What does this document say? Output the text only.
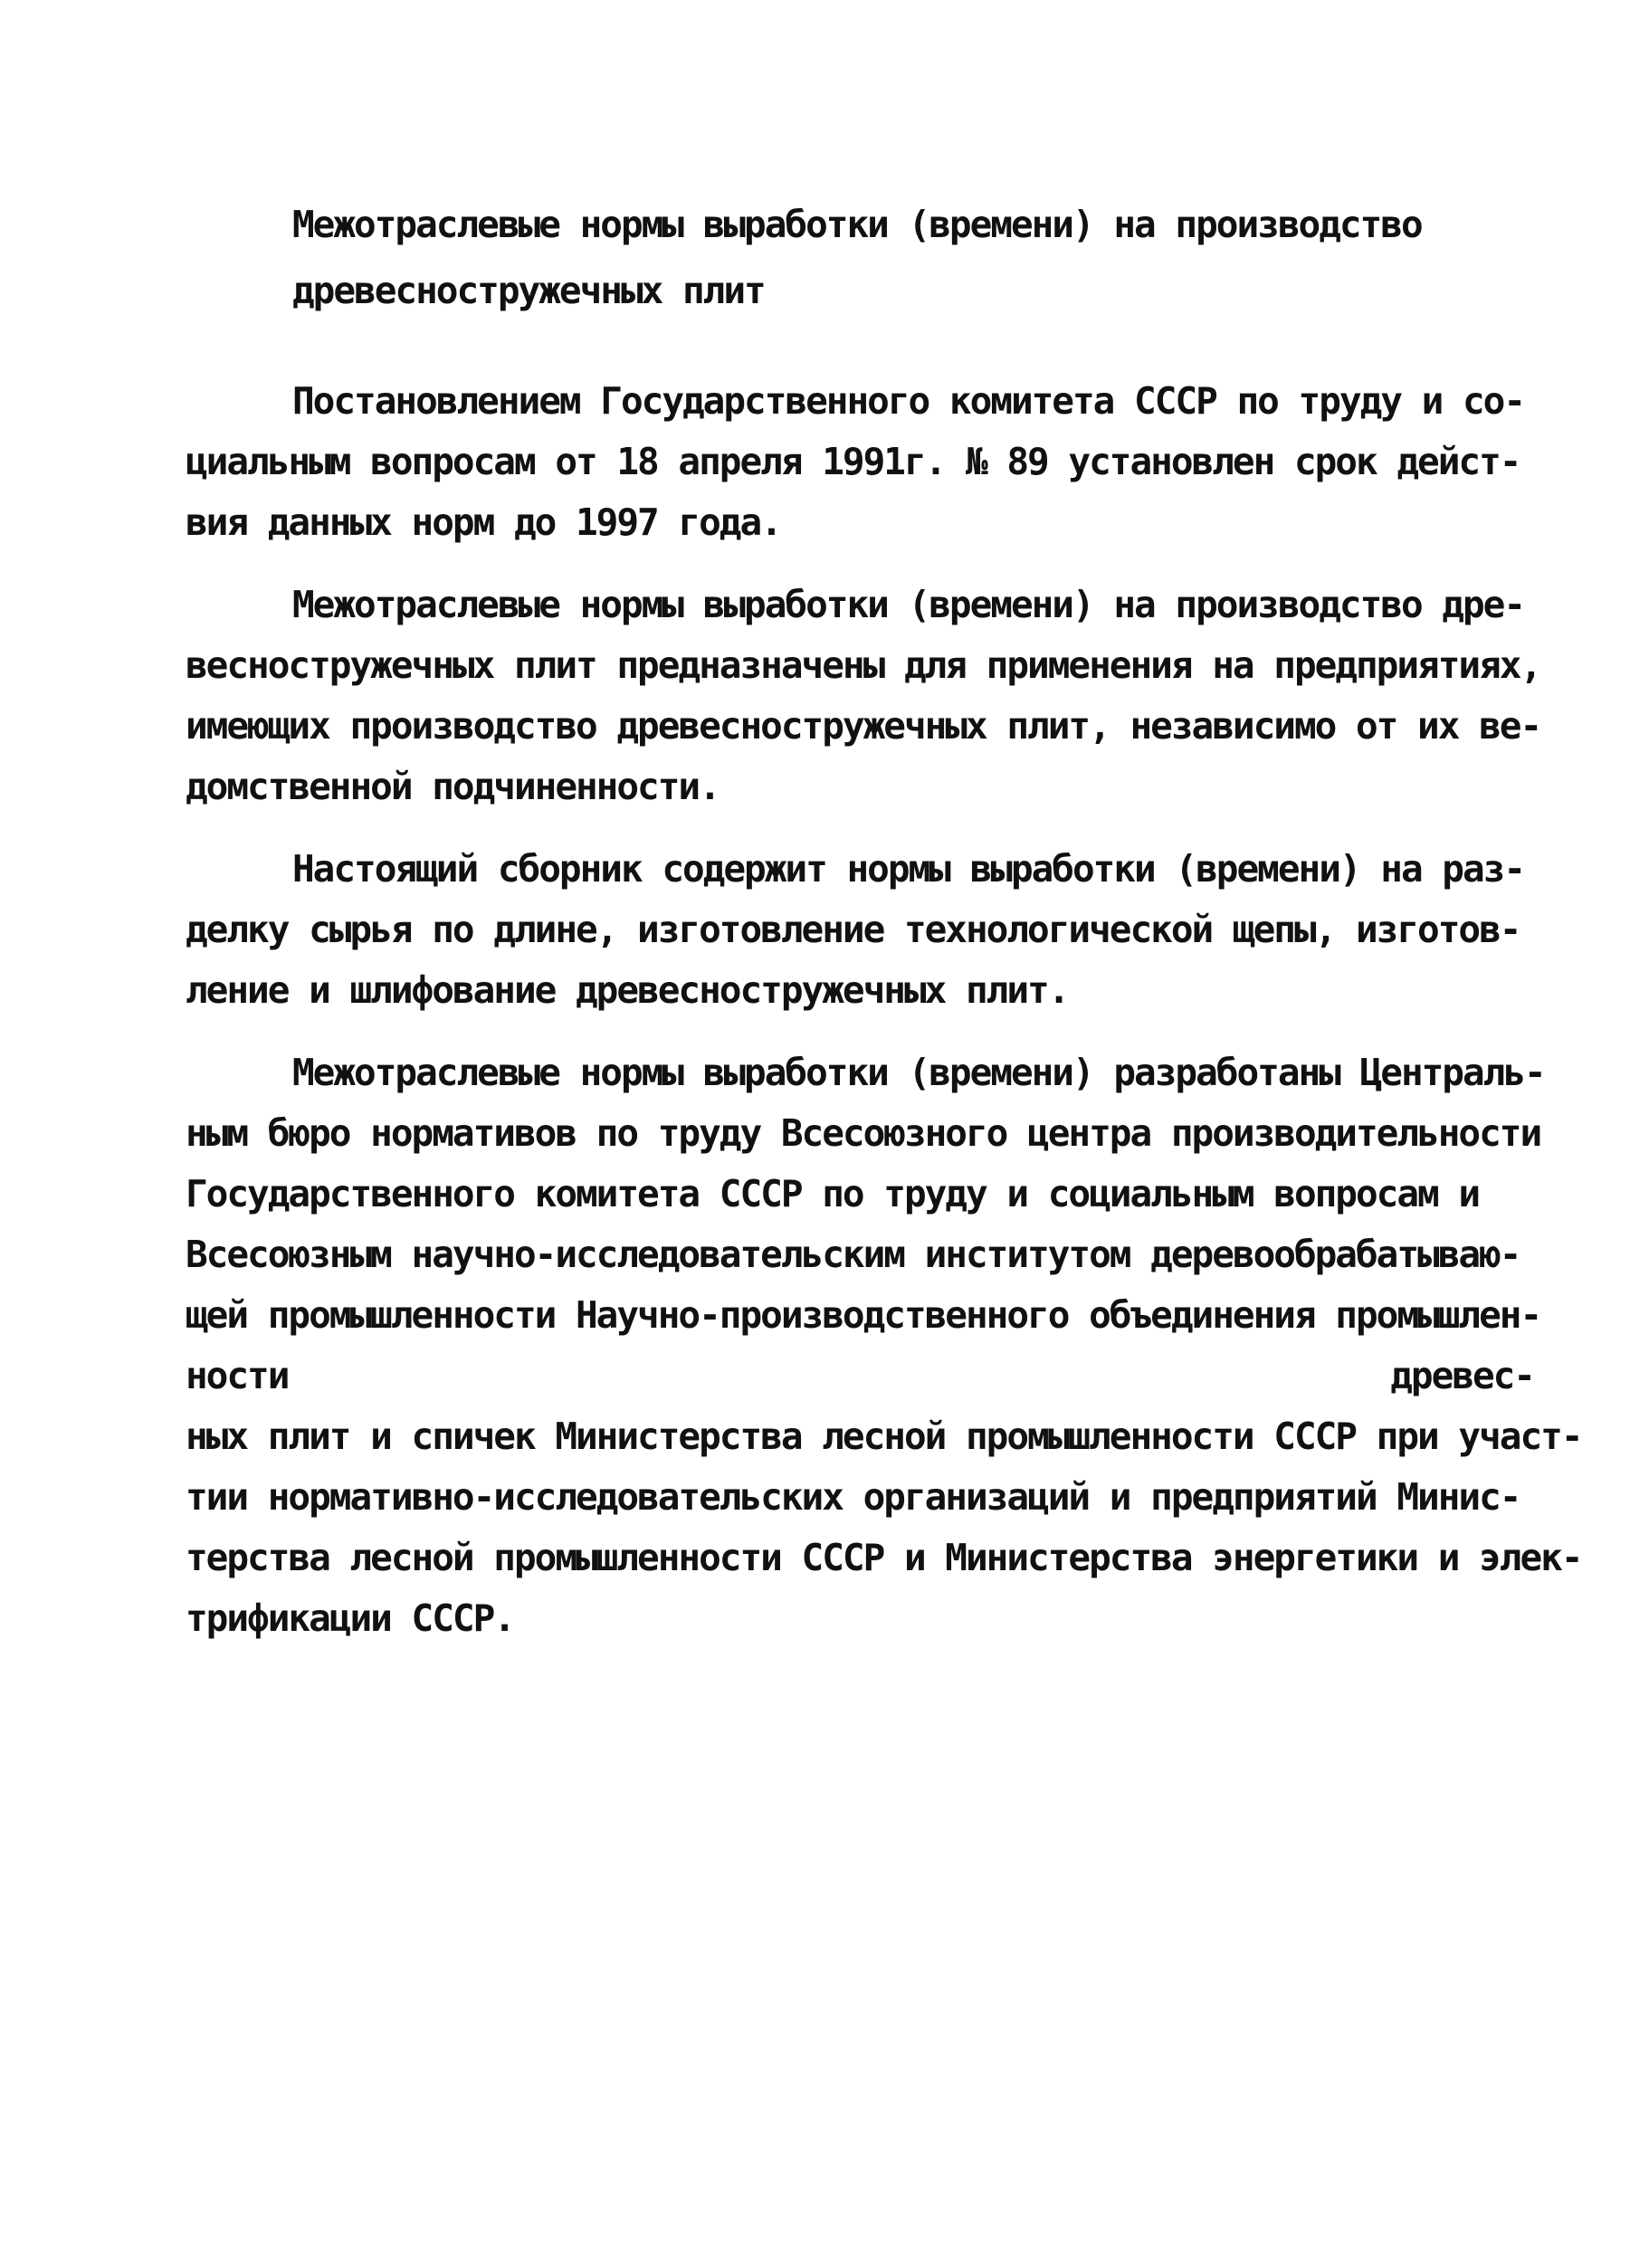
Межотраслевые нормы выработки (времени) на производство
древесностружечных плит
Постановлением Государственного комитета СССР по труду и со-
циальным вопросам от 18 апреля 1991г. № 89 установлен срок дейст-
вия данных норм до 1997 года.
Межотраслевые нормы выработки (времени) на производство дре-
весностружечных плит предназначены для применения на предприятиях,
имеющих производство древесностружечных плит, независимо от их ве-
домственной подчиненности.
Настоящий сборник содержит нормы выработки (времени) на раз-
делку сырья по длине, изготовление технологической щепы, изготов-
ление и шлифование древесностружечных плит.
Межотраслевые нормы выработки (времени) разработаны Централь-
ным бюро нормативов по труду Всесоюзного центра производительности
Государственного комитета СССР по труду и социальным вопросам и
Всесоюзным научно-исследовательским институтом деревообрабатываю-
щей промышленности Научно-производственного объединения промышлен-
ности	древес-
ных плит и спичек Министерства лесной промышленности СССР при участ-
тии нормативно-исследовательских организаций и предприятий Минис-
терства лесной промышленности СССР и Министерства энергетики и элек-
трификации СССР.
